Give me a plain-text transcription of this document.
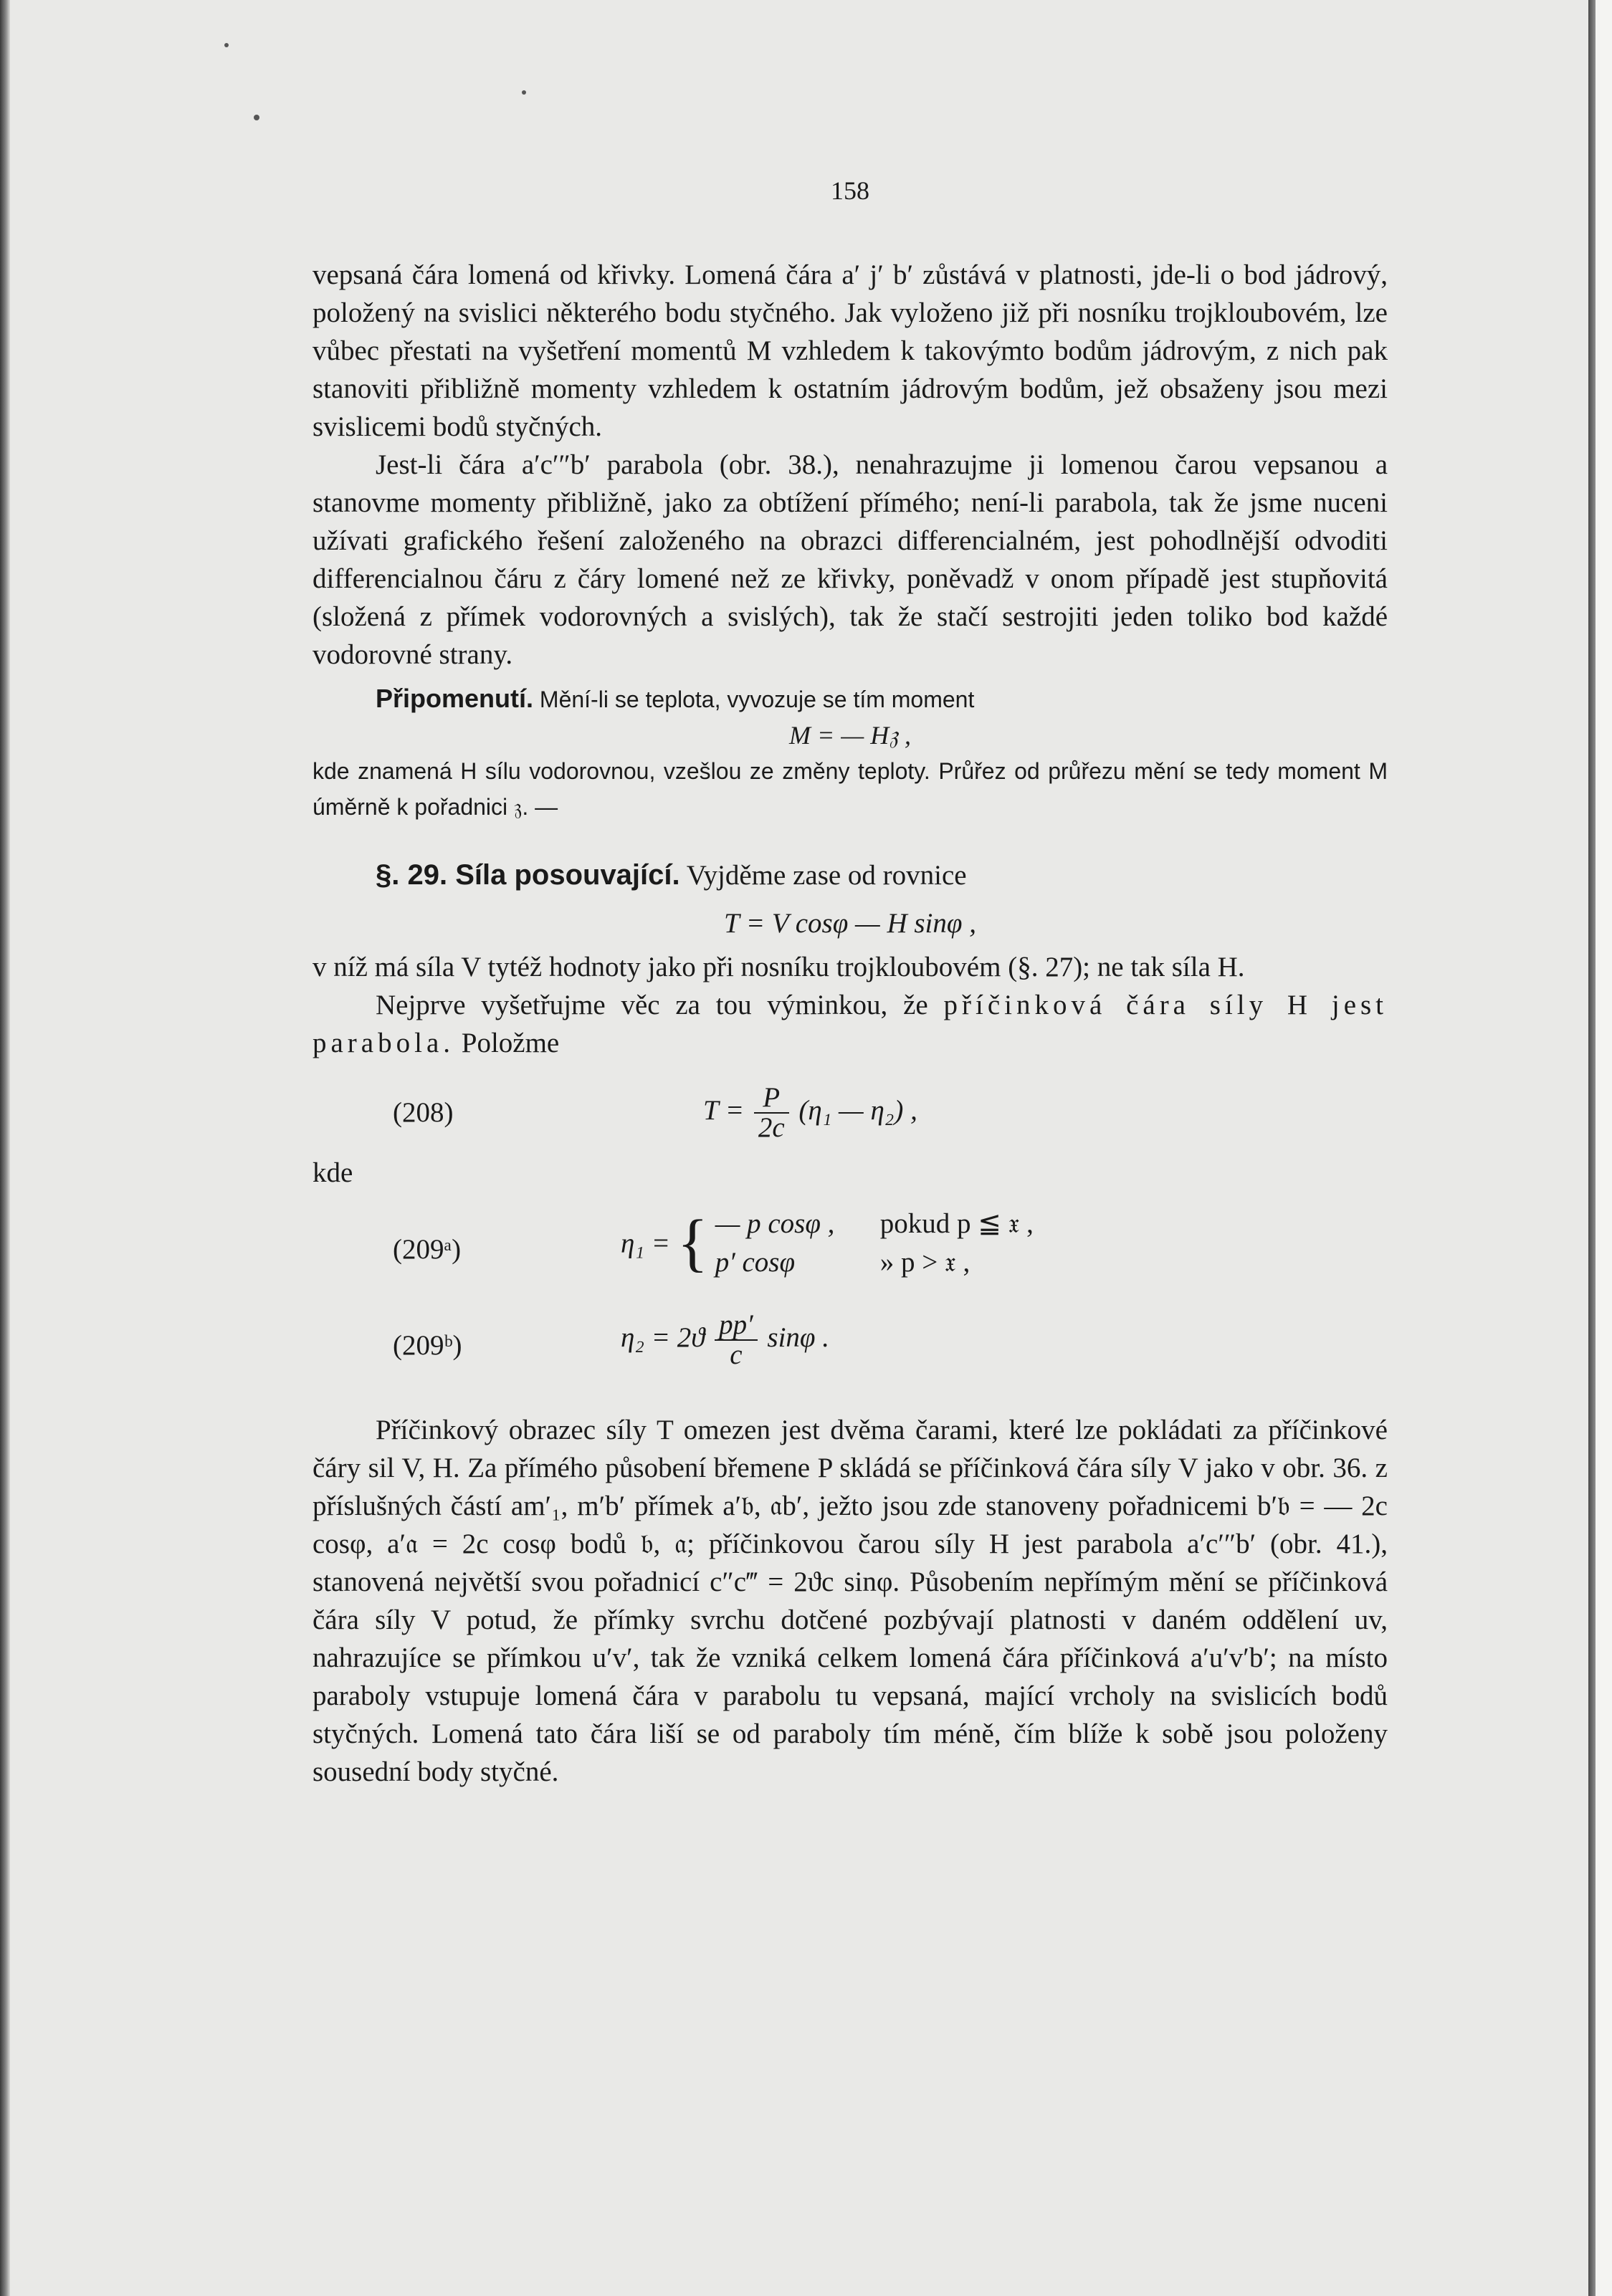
158

vepsaná čára lomená od křivky. Lomená čára a′ j′ b′ zůstává v platnosti, jde-li o bod jádrový, položený na svislici některého bodu styčného. Jak vyloženo již při nosníku trojkloubovém, lze vůbec přestati na vyšetření momentů M vzhledem k takovýmto bodům jádrovým, z nich pak stanoviti přibližně momenty vzhledem k ostatním jádrovým bodům, jež obsaženy jsou mezi svislicemi bodů styčných.

Jest-li čára a′c′″b′ parabola (obr. 38.), nenahrazujme ji lomenou čarou vepsanou a stanovme momenty přibližně, jako za obtížení přímého; není-li parabola, tak že jsme nuceni užívati grafického řešení založeného na obrazci differencialném, jest pohodlnější odvoditi differencialnou čáru z čáry lomené než ze křivky, poněvadž v onom případě jest stupňovitá (složená z přímek vodorovných a svislých), tak že stačí sestrojiti jeden toliko bod každé vodorovné strany.

Připomenutí. Mění-li se teplota, vyvozuje se tím moment

M = — H𝔷 ,

kde znamená H sílu vodorovnou, vzešlou ze změny teploty. Průřez od průřezu mění se tedy moment M úměrně k pořadnici 𝔷. —

§. 29. Síla posouvající. Vyjděme zase od rovnice

T = V cosφ — H sinφ ,

v níž má síla V tytéž hodnoty jako při nosníku trojkloubovém (§. 27); ne tak síla H.

Nejprve vyšetřujme věc za tou výminkou, že příčinková čára síly H jest parabola. Položme

(208)	$T = \frac{P}{2c} (\eta_1$ — η₂) ,

kde

(209ᵃ)	η₁ = { — p cosφ , pokud p ≦ 𝔵 ,
p′ cosφ	» p > 𝔵 ,
(209ᵇ)	$\eta_2 = 2ϑ \frac{pp'}{c}$ sinφ .

Příčinkový obrazec síly T omezen jest dvěma čarami, které lze pokládati za příčinkové čáry sil V, H. Za přímého působení břemene P skládá se příčinková čára síly V jako v obr. 36. z příslušných částí am′₁, m′b′ přímek a′𝔟, 𝔞b′, ježto jsou zde stanoveny pořadnicemi b′𝔟 = — 2c cosφ, a′𝔞 = 2c cosφ bodů 𝔟, 𝔞; příčinkovou čarou síly H jest parabola a′c′″b′ (obr. 41.), stanovená největší svou pořadnicí c″c‴ = 2ϑc sinφ. Působením nepřímým mění se příčinková čára síly V potud, že přímky svrchu dotčené pozbývají platnosti v daném oddělení uv, nahrazujíce se přímkou u′v′, tak že vzniká celkem lomená čára příčinková a′u′v′b′; na místo paraboly vstupuje lomená čára v parabolu tu vepsaná, mající vrcholy na svislicích bodů styčných. Lomená tato čára liší se od paraboly tím méně, čím blíže k sobě jsou položeny sousední body styčné.
